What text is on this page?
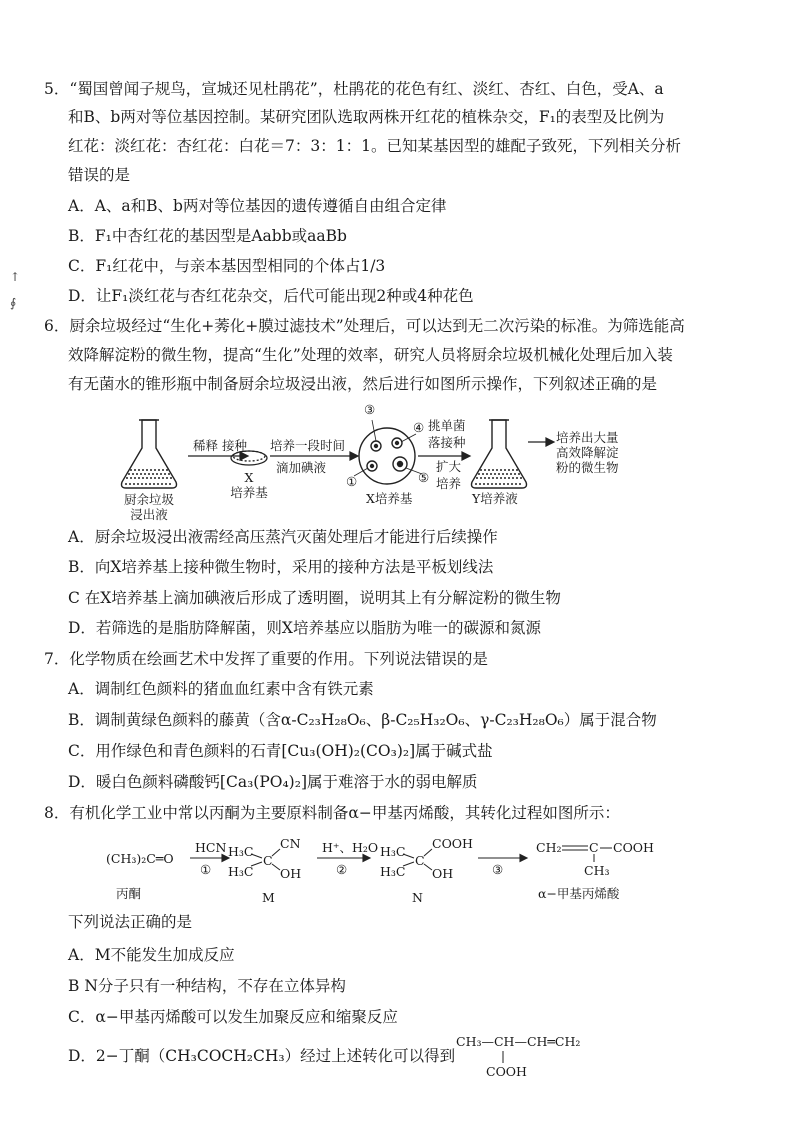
↑
∮
5．“蜀国曾闻子规鸟，宣城还见杜鹃花”，杜鹃花的花色有红、淡红、杏红、白色，受A、a
和B、b两对等位基因控制。某研究团队选取两株开红花的植株杂交，F₁的表型及比例为
红花：淡红花：杏红花：白花＝7：3：1：1。已知某基因型的雄配子致死，下列相关分析
错误的是
A．A、a和B、b两对等位基因的遗传遵循自由组合定律
B．F₁中杏红花的基因型是Aabb或aaBb
C．F₁红花中，与亲本基因型相同的个体占1/3
D．让F₁淡红花与杏红花杂交，后代可能出现2种或4种花色
6．厨余垃圾经过“生化+莠化+膜过滤技术”处理后，可以达到无二次污染的标准。为筛选能高
效降解淀粉的微生物，提高“生化”处理的效率，研究人员将厨余垃圾机械化处理后加入装
有无菌水的锥形瓶中制备厨余垃圾浸出液，然后进行如图所示操作，下列叙述正确的是
厨余垃圾
浸出液
稀释 接种
X
培养基
培养一段时间
滴加碘液
③
④
①	⑤
X培养基
挑单菌
落接种
扩大
培养
Y培养液
培养出大量
高效降解淀
粉的微生物
A．厨余垃圾浸出液需经高压蒸汽灭菌处理后才能进行后续操作
B．向X培养基上接种微生物时，采用的接种方法是平板划线法
C 在X培养基上滴加碘液后形成了透明圈，说明其上有分解淀粉的微生物
D．若筛选的是脂肪降解菌，则X培养基应以脂肪为唯一的碳源和氮源
7．化学物质在绘画艺术中发挥了重要的作用。下列说法错误的是
A．调制红色颜料的猪血血红素中含有铁元素
B．调制黄绿色颜料的藤黄（含α-C₂₃H₂₈O₆、β-C₂₅H₃₂O₆、γ-C₂₃H₂₈O₆）属于混合物
C．用作绿色和青色颜料的石青[Cu₃(OH)₂(CO₃)₂]属于碱式盐
D．暖白色颜料磷酸钙[Ca₃(PO₄)₂]属于难溶于水的弱电解质
8．有机化学工业中常以丙酮为主要原料制备α−甲基丙烯酸，其转化过程如图所示：
(CH₃)₂C═O
丙酮
HCN
①
H₃C
H₃C
C
CN
OH
M
H⁺、H₂O
②
H₃C
H₃C
C
COOH
OH
N
③
CH₂ C COOH
CH₃
α−甲基丙烯酸
下列说法正确的是
A．M不能发生加成反应
B N分子只有一种结构，不存在立体异构
C．α−甲基丙烯酸可以发生加聚反应和缩聚反应
D．2−丁酮（CH₃COCH₂CH₃）经过上述转化可以得到
CH₃—CH—CH═CH₂
COOH
